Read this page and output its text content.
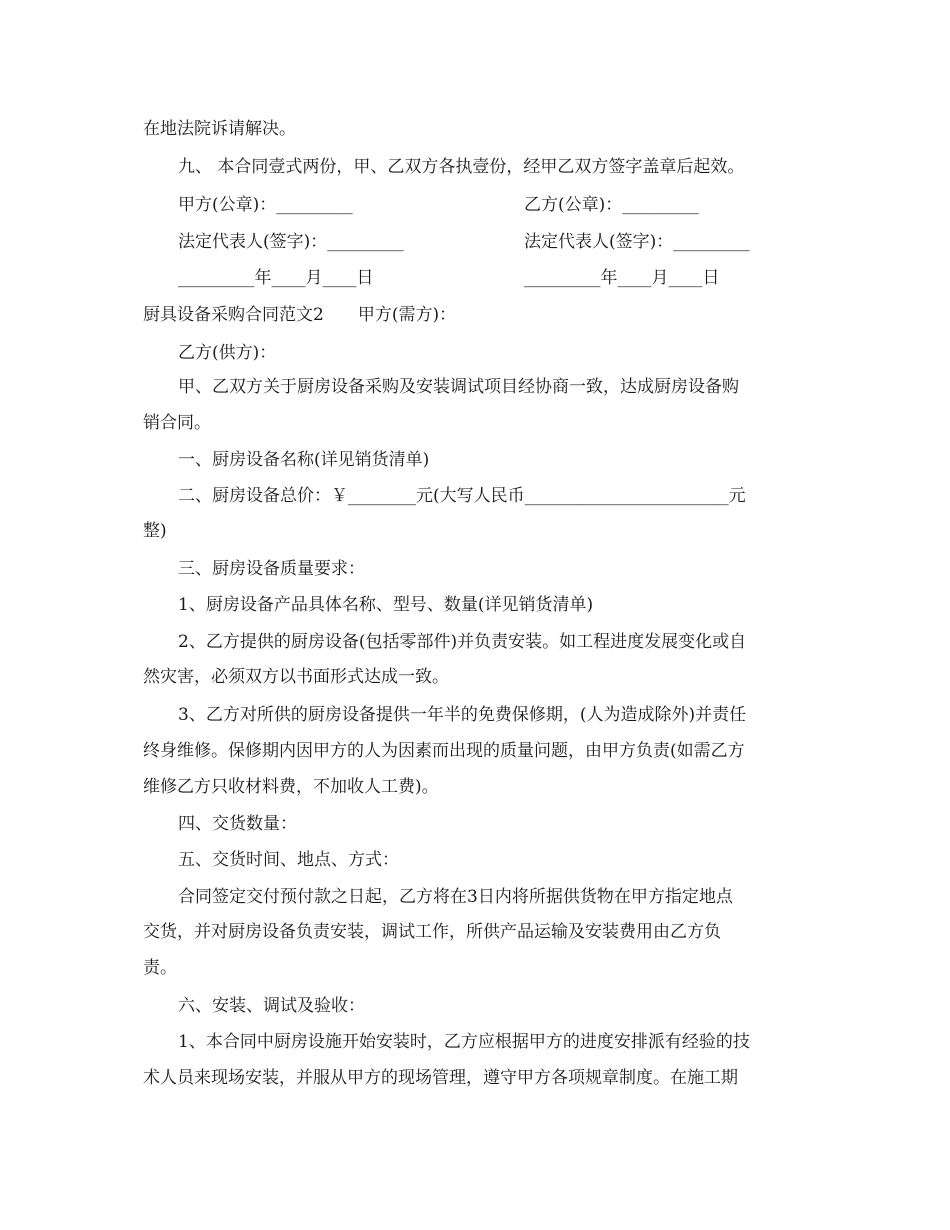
在地法院诉请解决。
九、 本合同壹式两份，甲、乙双方各执壹份，经甲乙双方签字盖章后起效。
甲方(公章)：_________	乙方(公章)：_________
法定代表人(签字)：_________	法定代表人(签字)：_________
_________年____月____日	_________年____月____日
厨具设备采购合同范文2　　甲方(需方)：
乙方(供方)：
甲、乙双方关于厨房设备采购及安装调试项目经协商一致，达成厨房设备购
销合同。
一、厨房设备名称(详见销货清单)
二、厨房设备总价：￥________元(大写人民币________________________元
整)
三、厨房设备质量要求：
1、厨房设备产品具体名称、型号、数量(详见销货清单)
2、乙方提供的厨房设备(包括零部件)并负责安装。如工程进度发展变化或自
然灾害，必须双方以书面形式达成一致。
3、乙方对所供的厨房设备提供一年半的免费保修期，(人为造成除外)并责任
终身维修。保修期内因甲方的人为因素而出现的质量问题，由甲方负责(如需乙方
维修乙方只收材料费，不加收人工费)。
四、交货数量：
五、交货时间、地点、方式：
合同签定交付预付款之日起，乙方将在3日内将所据供货物在甲方指定地点
交货，并对厨房设备负责安装，调试工作，所供产品运输及安装费用由乙方负
责。
六、安装、调试及验收：
1、本合同中厨房设施开始安装时，乙方应根据甲方的进度安排派有经验的技
术人员来现场安装，并服从甲方的现场管理，遵守甲方各项规章制度。在施工期
